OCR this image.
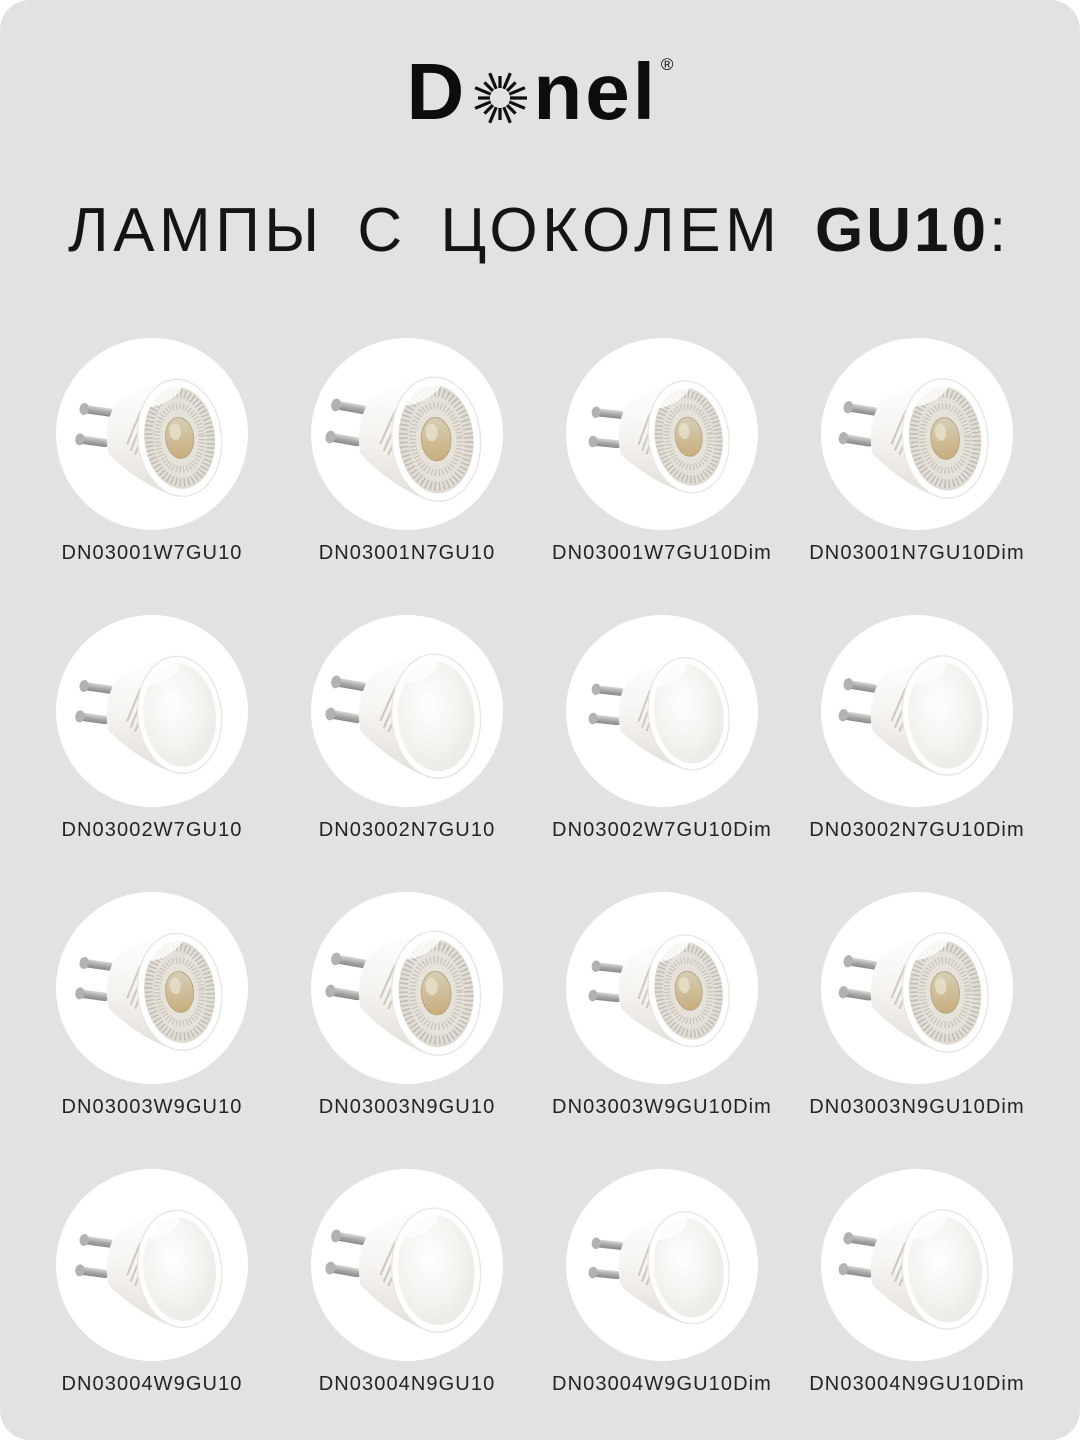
D nel ®
ЛАМПЫ С ЦОКОЛЕМ GU10:
DN03001W7GU10	DN03001N7GU10	DN03001W7GU10Dim DN03001N7GU10Dim
DN03002W7GU10	DN03002N7GU10	DN03002W7GU10Dim DN03002N7GU10Dim
DN03003W9GU10	DN03003N9GU10	DN03003W9GU10Dim DN03003N9GU10Dim
DN03004W9GU10	DN03004N9GU10	DN03004W9GU10Dim DN03004N9GU10Dim
